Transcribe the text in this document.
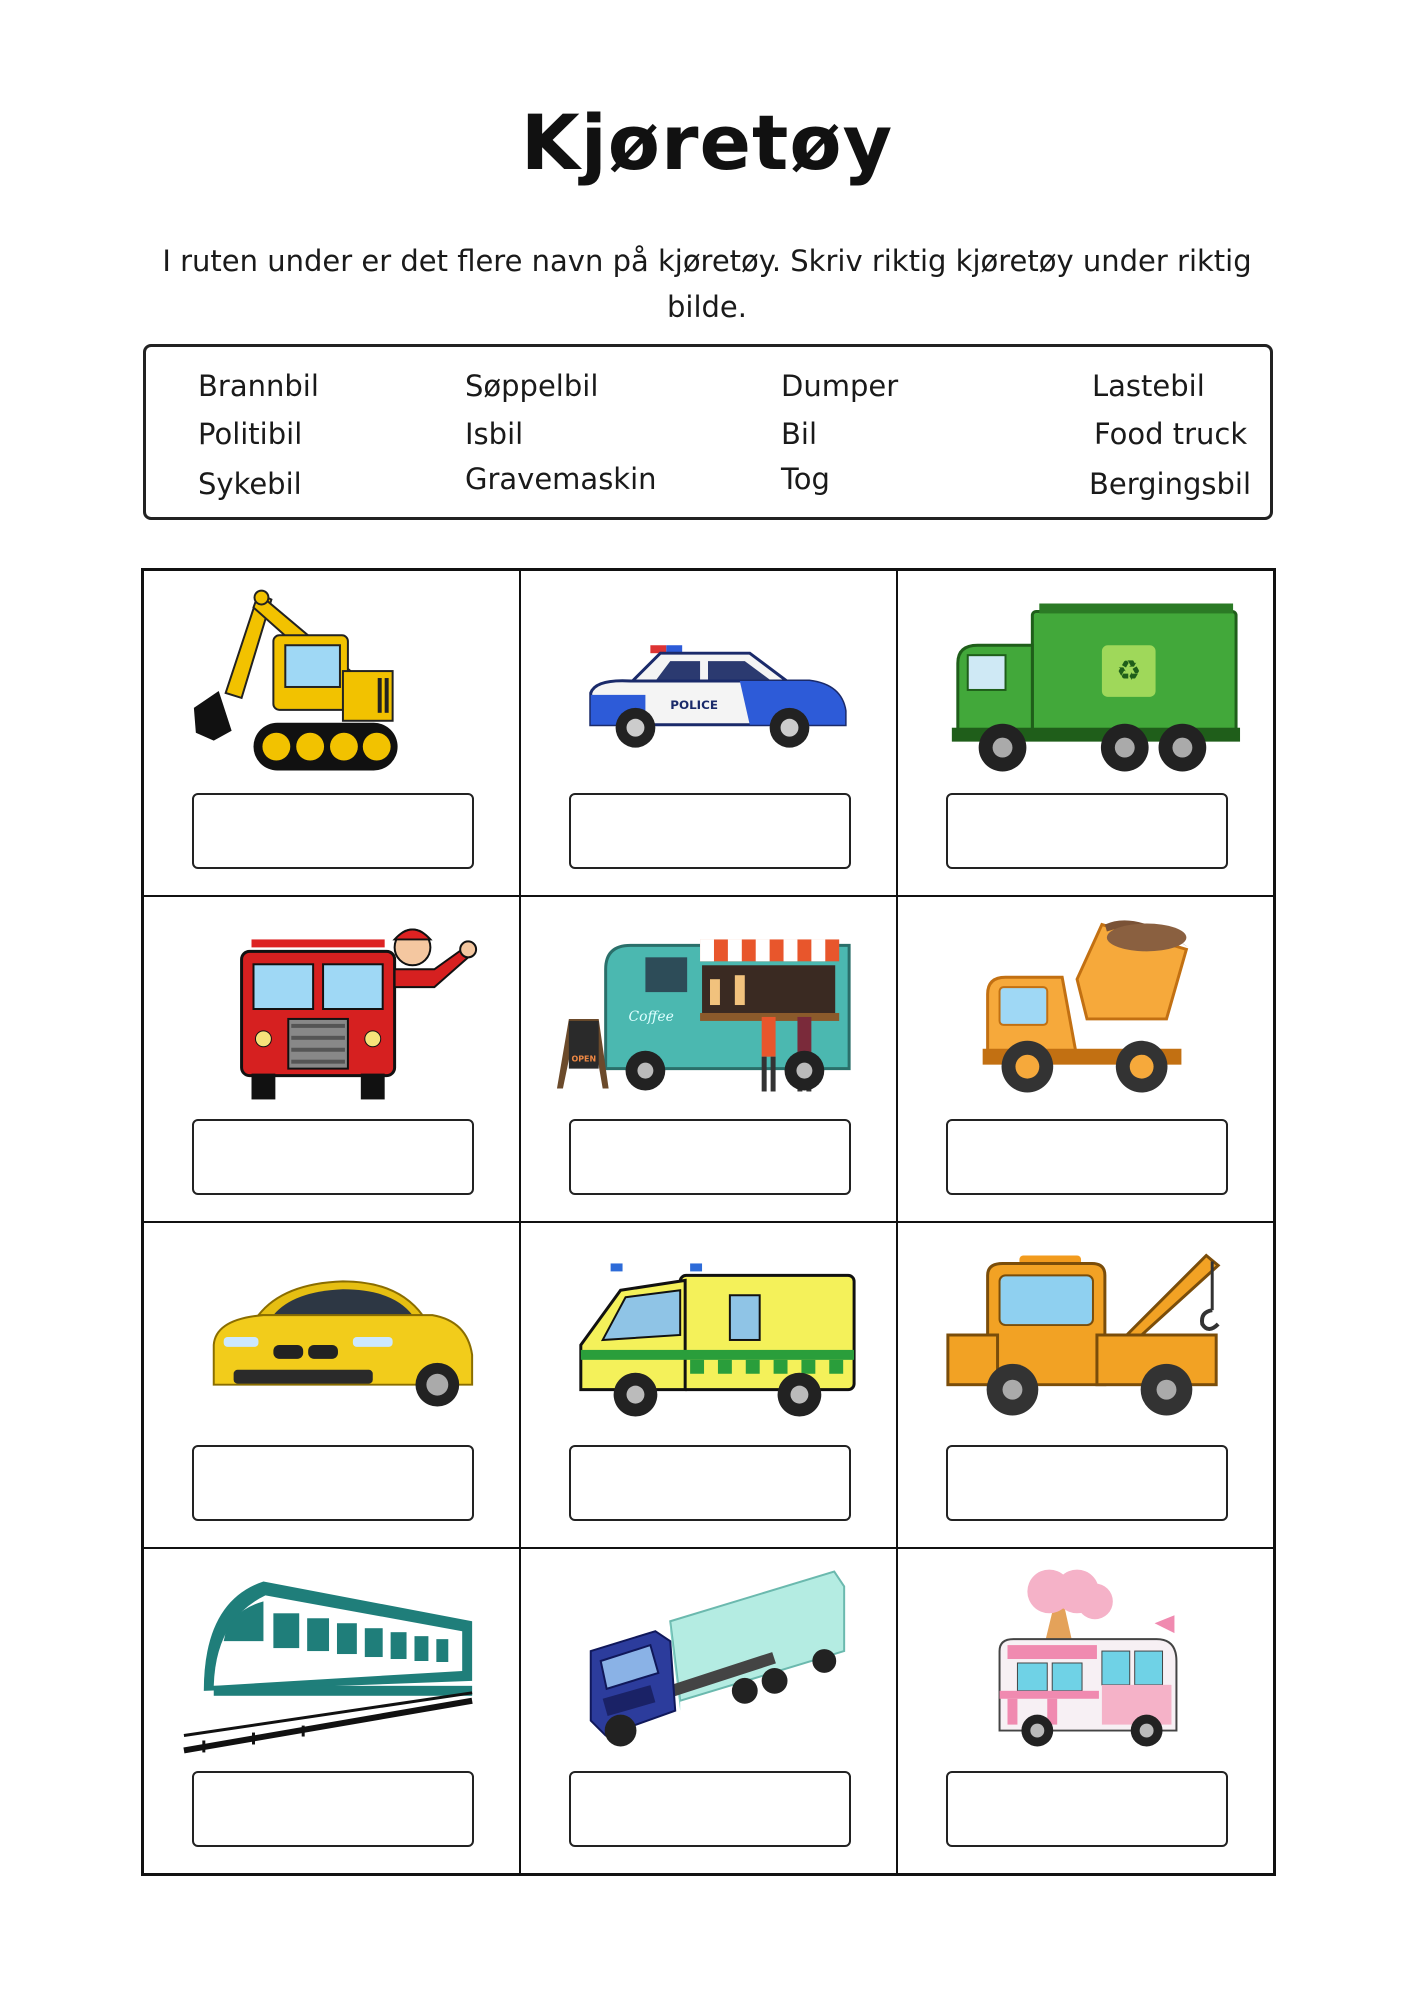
Kjøretøy
I ruten under er det flere navn på kjøretøy. Skriv riktig kjøretøy under riktig bilde.
Brannbil
Politibil
Sykebil
Søppelbil
Isbil
Gravemaskin
Dumper
Bil
Tog
Lastebil
Food truck
Bergingsbil
POLICE
♻
Coffee
OPEN
